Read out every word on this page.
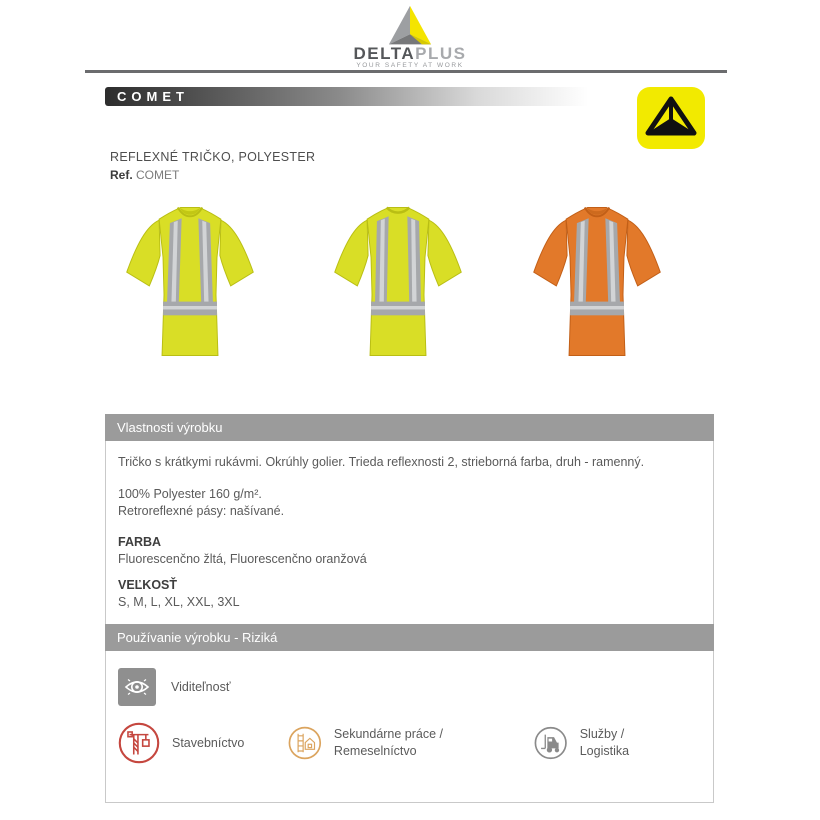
DELTAPLUS
YOUR SAFETY AT WORK
COMET

REFLEXNÉ TRIČKO, POLYESTER

Ref. COMET

Vlastnosti výrobku

Tričko s krátkymi rukávmi. Okrúhly golier. Trieda reflexnosti 2, strieborná farba, druh - ramenný.

100% Polyester 160 g/m².
Retroreflexné pásy: našívané.

FARBA

Fluorescenčno žltá, Fluorescenčno oranžová

VEĽKOSŤ

S, M, L, XL, XXL, 3XL

Používanie výrobku - Riziká
Viditeľnosť
Stavebníctvo
Sekundárne práce / Remeselníctvo
Služby / Logistika
